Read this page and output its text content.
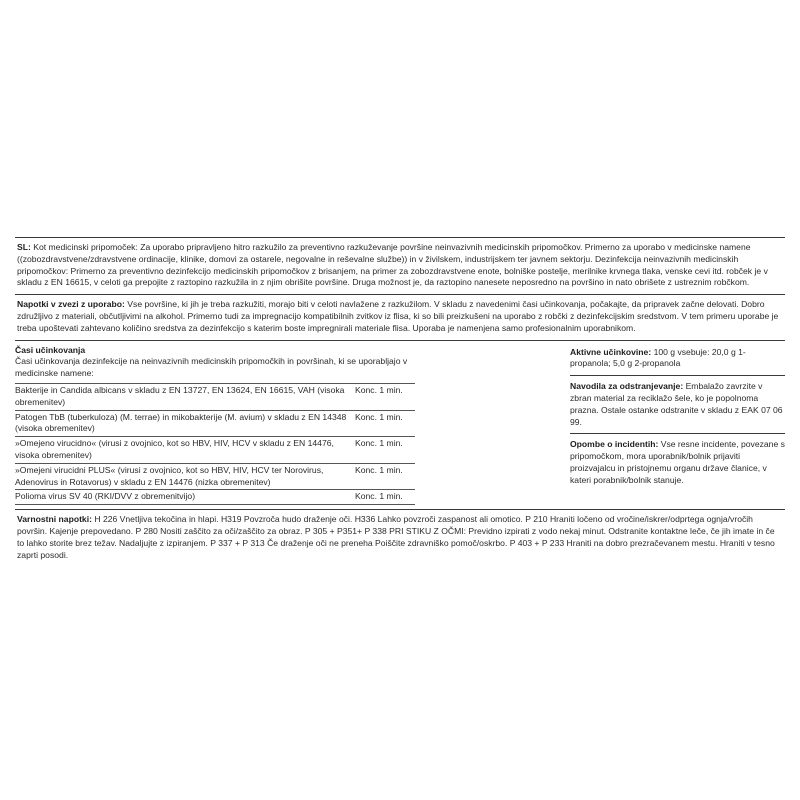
SL: Kot medicinski pripomoček: Za uporabo pripravljeno hitro razkužilo za preventivno razkuževanje površine neinvazivnih medicinskih pripomočkov. Primerno za uporabo v medicinske namene ((zobozdravstvene/zdravstvene ordinacije, klinike, domovi za ostarele, negovalne in reševalne službe)) in v živilskem, industrijskem ter javnem sektorju. Dezinfekcija neinvazivnih medicinskih pripomočkov: Primerno za preventivno dezinfekcijo medicinskih pripomočkov z brisanjem, na primer za zobozdravstvene enote, bolniške postelje, merilnike krvnega tlaka, venske cevi itd. robček je v skladu z EN 16615, v celoti ga prepojite z raztopino razkužila in z njim obrišite površine. Druga možnost je, da raztopino nanesete neposredno na površino in nato obrišete z ustreznim robčkom.

Napotki v zvezi z uporabo: Vse površine, ki jih je treba razkužiti, morajo biti v celoti navlažene z razkužilom. V skladu z navedenimi časi učinkovanja, počakajte, da pripravek začne delovati. Dobro združljivo z materiali, občutljivimi na alkohol. Primerno tudi za impregnacijo kompatibilnih zvitkov iz flisa, ki so bili preizkušeni na uporabo z robčki z dezinfekcijskim sredstvom. V tem primeru uporabe je treba upoštevati zahtevano količino sredstva za dezinfekcijo s katerim boste impregnirali materiale flisa. Uporaba je namenjena samo profesionalnim uporabnikom.

Časi učinkovanja
Časi učinkovanja dezinfekcije na neinvazivnih medicinskih pripomočkih in površinah, ki se uporabljajo v medicinske namene:
Bakterije in Candida albicans v skladu z EN 13727, EN 13624, EN 16615, VAH (visoka obremenitev)
Konc. 1 min.
Patogen TbB (tuberkuloza) (M. terrae) in mikobakterije (M. avium) v skladu z EN 14348 (visoka obremenitev)
Konc. 1 min.
»Omejeno virucidno« (virusi z ovojnico, kot so HBV, HIV, HCV v skladu z EN 14476, visoka obremenitev)
Konc. 1 min.
»Omejeni virucidni PLUS« (virusi z ovojnico, kot so HBV, HIV, HCV ter Norovirus, Adenovirus in Rotavorus) v skladu z EN 14476 (nizka obremenitev)
Konc. 1 min.
Polioma virus SV 40 (RKI/DVV z obremenitvijo)	Konc. 1 min.

Aktivne učinkovine: 100 g vsebuje: 20,0 g 1-propanola; 5,0 g 2-propanola

Navodila za odstranjevanje: Embalažo zavrzite v zbran material za reciklažo šele, ko je popolnoma prazna. Ostale ostanke odstranite v skladu z EAK 07 06 99.

Opombe o incidentih: Vse resne incidente, povezane s pripomočkom, mora uporabnik/bolnik prijaviti proizvajalcu in pristojnemu organu države članice, v kateri porabnik/bolnik stanuje.

Varnostni napotki: H 226 Vnetljiva tekočina in hlapi. H319 Povzroča hudo draženje oči. H336 Lahko povzroči zaspanost ali omotico. P 210 Hraniti ločeno od vročine/iskrer/odprtega ognja/vročih površin. Kajenje prepovedano. P 280 Nositi zaščito za oči/zaščito za obraz. P 305 + P351+ P 338 PRI STIKU Z OČMI: Previdno izpirati z vodo nekaj minut. Odstranite kontaktne leče, če jih imate in če to lahko storite brez težav. Nadaljujte z izpiranjem. P 337 + P 313 Če draženje oči ne preneha Poiščite zdravniško pomoč/oskrbo. P 403 + P 233 Hraniti na dobro prezračevanem mestu. Hraniti v tesno zaprti posodi.
